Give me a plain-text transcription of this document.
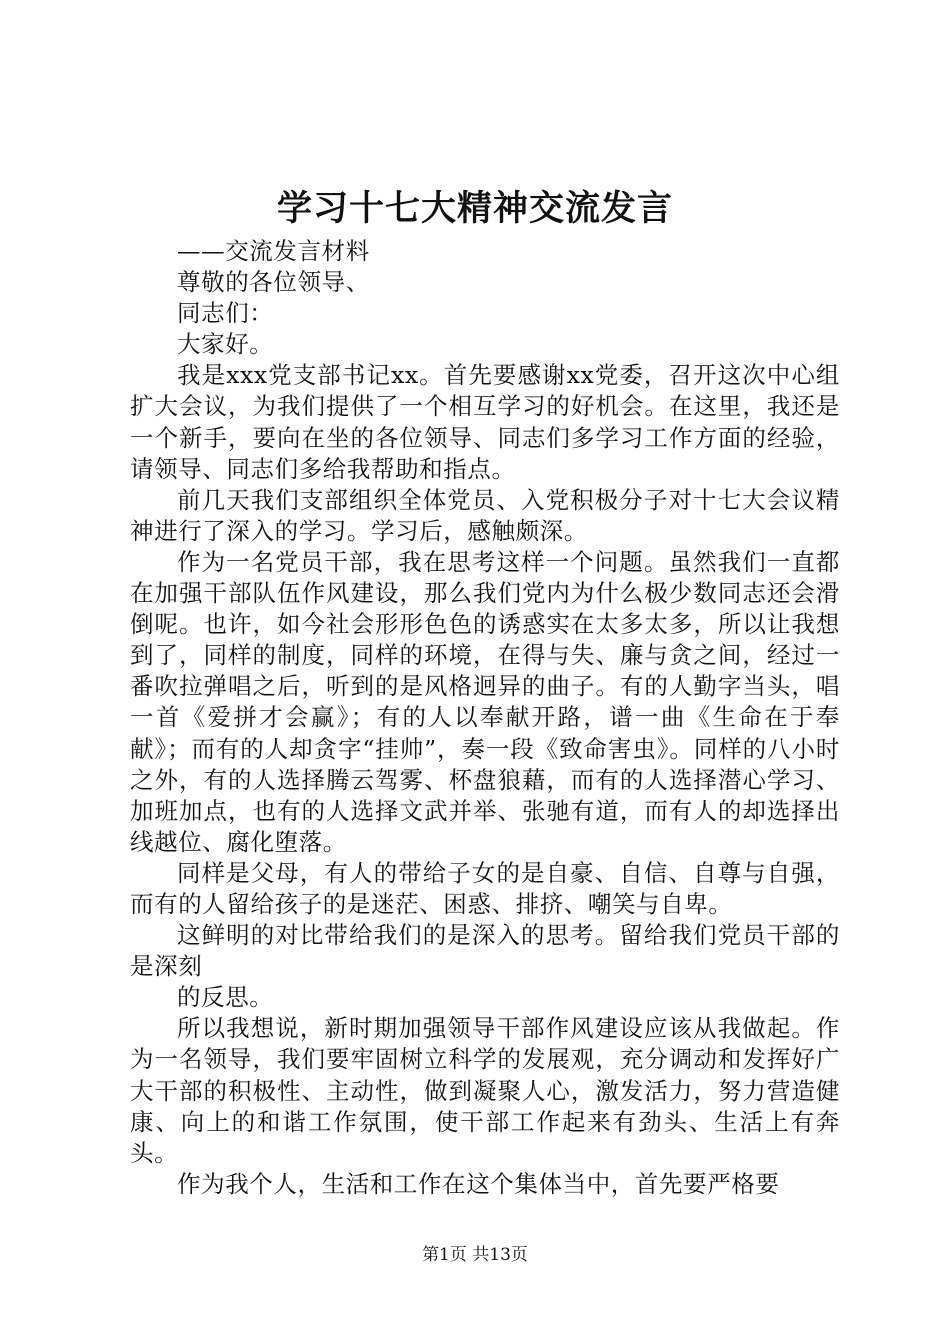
学习十七大精神交流发言

——交流发言材料

尊敬的各位领导、

同志们：

大家好。

我是xxx党支部书记xx。首先要感谢xx党委，召开这次中心组扩大会议，为我们提供了一个相互学习的好机会。在这里，我还是一个新手，要向在坐的各位领导、同志们多学习工作方面的经验，请领导、同志们多给我帮助和指点。

前几天我们支部组织全体党员、入党积极分子对十七大会议精神进行了深入的学习。学习后，感触颇深。

作为一名党员干部，我在思考这样一个问题。虽然我们一直都在加强干部队伍作风建设，那么我们党内为什么极少数同志还会滑倒呢。也许，如今社会形形色色的诱惑实在太多太多，所以让我想到了，同样的制度，同样的环境，在得与失、廉与贪之间，经过一番吹拉弹唱之后，听到的是风格迥异的曲子。有的人勤字当头，唱一首《爱拼才会赢》；有的人以奉献开路，谱一曲《生命在于奉献》；而有的人却贪字“挂帅”，奏一段《致命害虫》。同样的八小时之外，有的人选择腾云驾雾、杯盘狼藉，而有的人选择潜心学习、加班加点，也有的人选择文武并举、张驰有道，而有人的却选择出线越位、腐化堕落。

同样是父母，有人的带给子女的是自豪、自信、自尊与自强，而有的人留给孩子的是迷茫、困惑、排挤、嘲笑与自卑。

这鲜明的对比带给我们的是深入的思考。留给我们党员干部的是深刻

的反思。

所以我想说，新时期加强领导干部作风建设应该从我做起。作为一名领导，我们要牢固树立科学的发展观，充分调动和发挥好广大干部的积极性、主动性，做到凝聚人心，激发活力，努力营造健康、向上的和谐工作氛围，使干部工作起来有劲头、生活上有奔头。

作为我个人，生活和工作在这个集体当中，首先要严格要

第1页 共13页
